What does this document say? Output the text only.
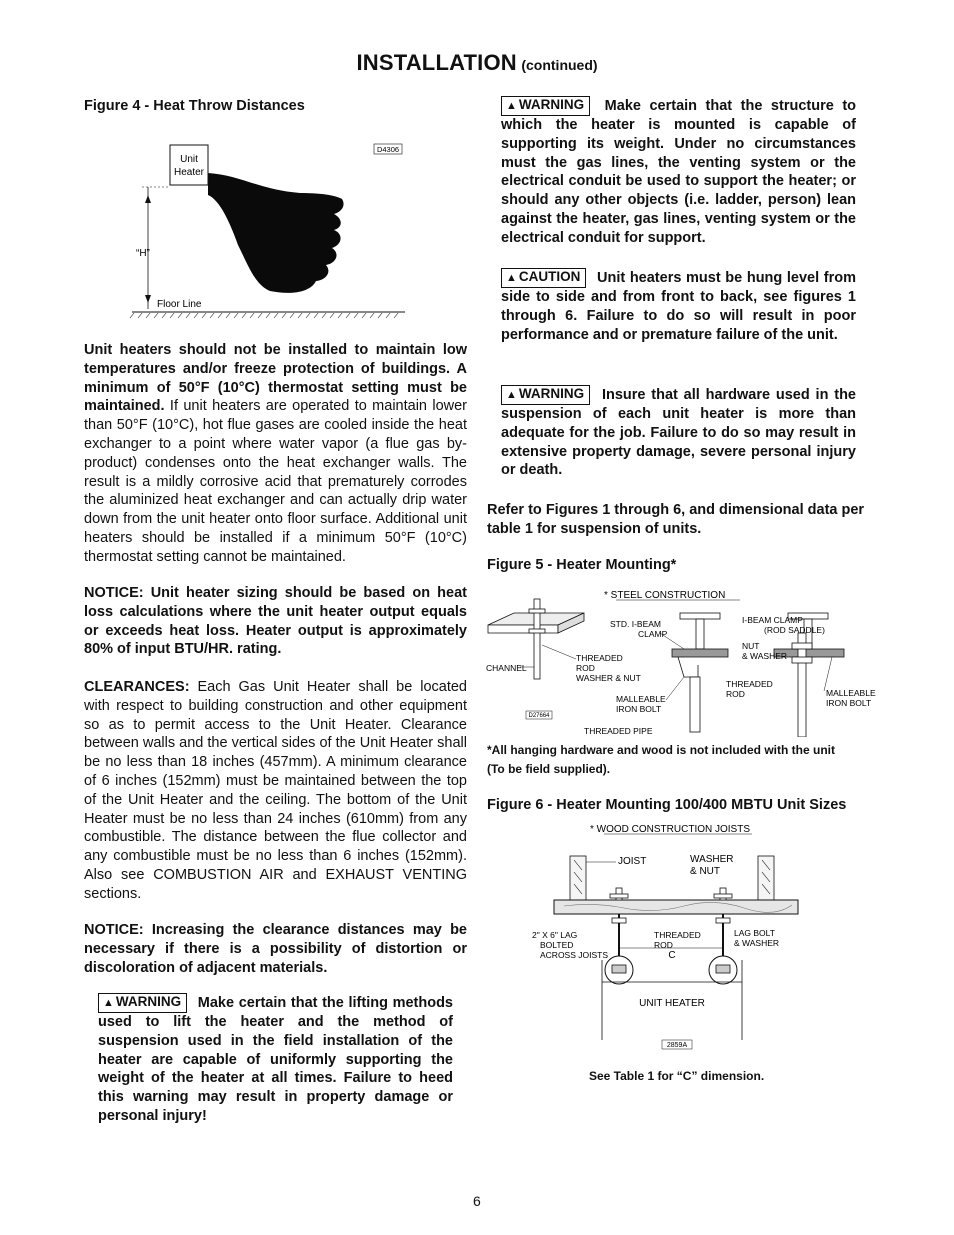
INSTALLATION (continued)
Figure 4 - Heat Throw Distances
Unit
Heater
“H”
Floor Line
D4306
Unit heaters should not be installed to maintain low temperatures and/or freeze protection of buildings. A minimum of 50°F (10°C) thermostat setting must be maintained. If unit heaters are operated to maintain lower than 50°F (10°C), hot flue gases are cooled inside the heat exchanger to a point where water vapor (a flue gas by- product) condenses onto the heat exchanger walls. The result is a mildly corrosive acid that prematurely corrodes the aluminized heat exchanger and can actually drip water down from the unit heater onto floor surface. Additional unit heaters should be installed if a minimum 50°F (10°C) thermostat setting cannot be maintained.
NOTICE: Unit heater sizing should be based on heat loss calculations where the unit heater output equals or exceeds heat loss. Heater output is approximately 80% of input BTU/HR. rating.
CLEARANCES: Each Gas Unit Heater shall be located with respect to building construction and other equipment so as to permit access to the Unit Heater. Clearance between walls and the vertical sides of the Unit Heater shall be no less than 18 inches (457mm). A minimum clearance of 6 inches (152mm) must be maintained between the top of the Unit Heater and the ceiling. The bottom of the Unit Heater must be no less than 24 inches (610mm) from any combustible. The distance between the flue collector and any combustible must be no less than 6 inches (152mm). Also see COMBUSTION AIR and EXHAUST VENTING sections.
NOTICE: Increasing the clearance distances may be necessary if there is a possibility of distortion or discoloration of adjacent materials.
▲ WARNING Make certain that the lifting methods used to lift the heater and the method of suspension used in the field installation of the heater are capable of uniformly supporting the weight of the heater at all times. Failure to heed this warning may result in property damage or personal injury!
▲ WARNING Make certain that the structure to which the heater is mounted is capable of supporting its weight. Under no circumstances must the gas lines, the venting system or the electrical conduit be used to support the heater; or should any other objects (i.e. ladder, person) lean against the heater, gas lines, venting system or the electrical conduit for support.
▲ CAUTION Unit heaters must be hung level from side to side and from front to back, see figures 1 through 6. Failure to do so will result in poor performance and or premature failure of the unit.
▲ WARNING Insure that all hardware used in the suspension of each unit heater is more than adequate for the job. Failure to do so may result in extensive property damage, severe personal injury or death.
Refer to Figures 1 through 6, and dimensional data per table 1 for suspension of units.
Figure 5 - Heater Mounting*
* STEEL CONSTRUCTION
CHANNEL
THREADED
ROD
WASHER & NUT
STD. I-BEAM
CLAMP
MALLEABLE
IRON BOLT
THREADED PIPE
I-BEAM CLAMP
(ROD SADDLE)
NUT
& WASHER
THREADED
ROD	MALLEABLE
IRON BOLT
D27664
*All hanging hardware and wood is not included with the unit
(To be field supplied).
Figure 6 - Heater Mounting 100/400 MBTU Unit Sizes
* WOOD CONSTRUCTION JOISTS
JOIST	WASHER
& NUT
UNIT HEATER
C
2" X 6" LAG
BOLTED
ACROSS JOISTS
THREADED
ROD
LAG BOLT
& WASHER
2859A
See Table 1 for “C” dimension.
6
